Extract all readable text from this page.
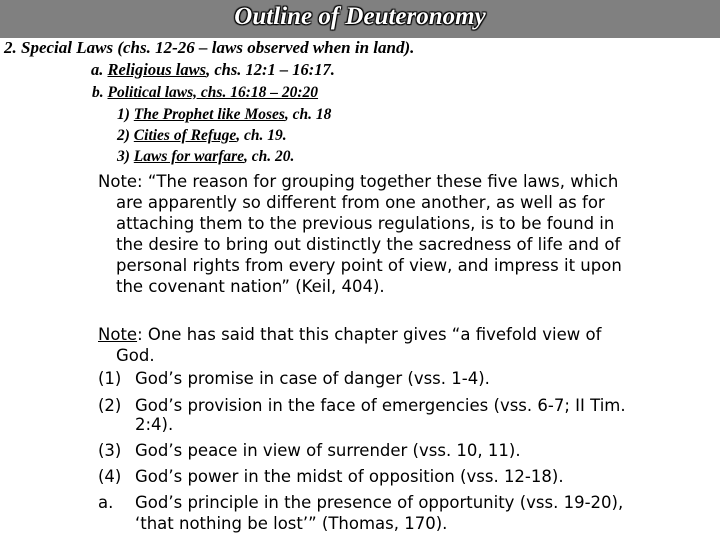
Outline of Deuteronomy
2. Special Laws (chs. 12-26 – laws observed when in land).
a. Religious laws, chs. 12:1 – 16:17.
b. Political laws, chs. 16:18 – 20:20
1) The Prophet like Moses, ch. 18
2) Cities of Refuge, ch. 19.
3) Laws for warfare, ch. 20.
Note: “The reason for grouping together these five laws, which
are apparently so different from one another, as well as for
attaching them to the previous regulations, is to be found in
the desire to bring out distinctly the sacredness of life and of
personal rights from every point of view, and impress it upon
the covenant nation” (Keil, 404).
Note: One has said that this chapter gives “a fivefold view of
God.
(1) God’s promise in case of danger (vss. 1-4).
(2) God’s provision in the face of emergencies (vss. 6-7; II Tim.
2:4).
(3) God’s peace in view of surrender (vss. 10, 11).
(4) God’s power in the midst of opposition (vss. 12-18).
a. God’s principle in the presence of opportunity (vss. 19-20),
‘that nothing be lost’” (Thomas, 170).
